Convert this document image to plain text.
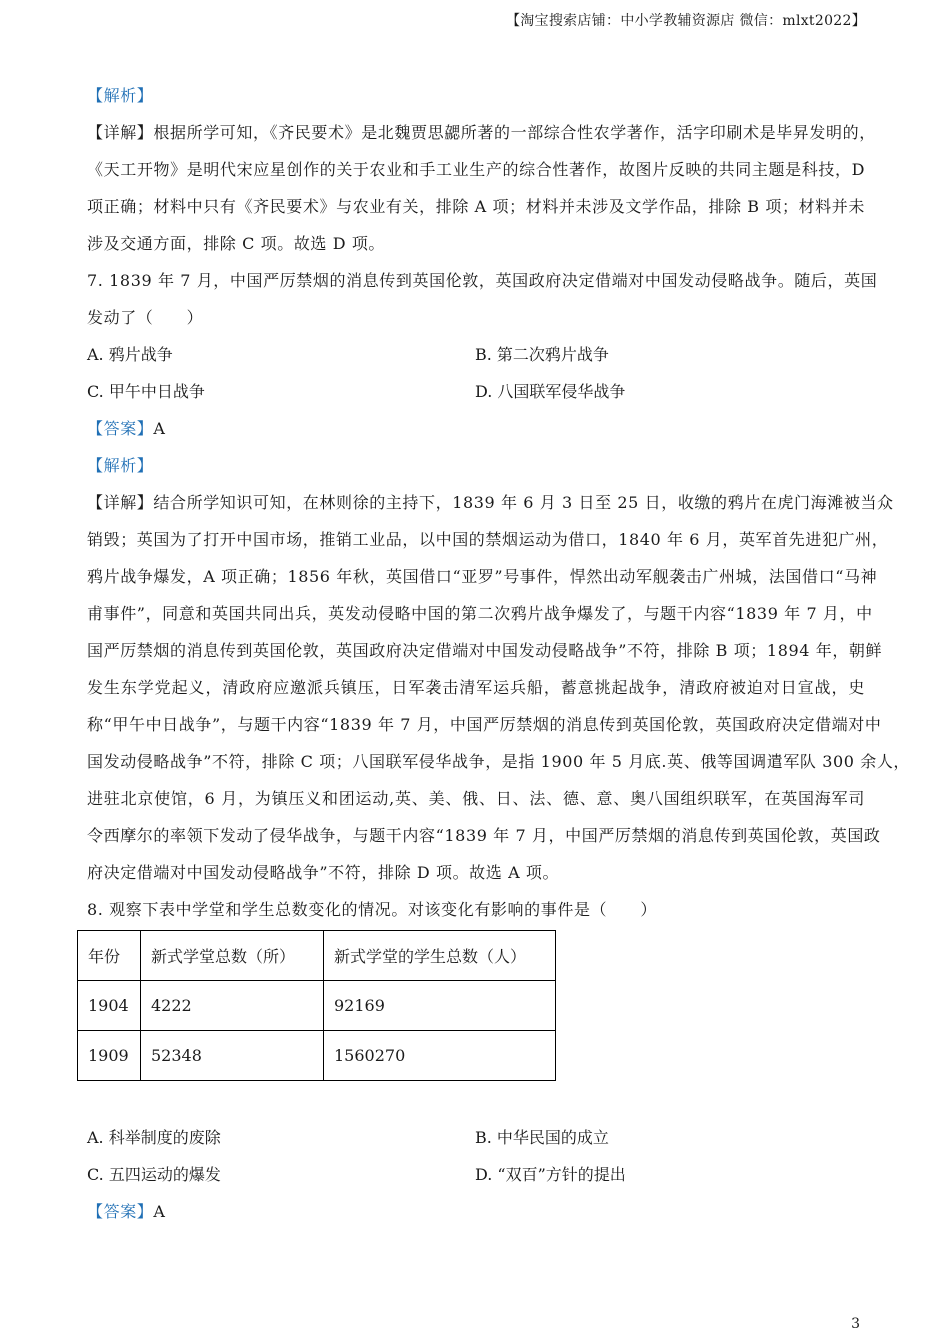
【淘宝搜索店铺：中小学教辅资源店 微信：mlxt2022】
【解析】
【详解】根据所学可知，《齐民要术》是北魏贾思勰所著的一部综合性农学著作，活字印刷术是毕昇发明的，
《天工开物》是明代宋应星创作的关于农业和手工业生产的综合性著作，故图片反映的共同主题是科技，D
项正确；材料中只有《齐民要术》与农业有关，排除 A 项；材料并未涉及文学作品，排除 B 项；材料并未
涉及交通方面，排除 C 项。故选 D 项。
7. 1839 年 7 月，中国严厉禁烟的消息传到英国伦敦，英国政府决定借端对中国发动侵略战争。随后，英国
发动了（　　）
A. 鸦片战争	B. 第二次鸦片战争
C. 甲午中日战争	D. 八国联军侵华战争
【答案】A
【解析】
【详解】结合所学知识可知，在林则徐的主持下，1839 年 6 月 3 日至 25 日，收缴的鸦片在虎门海滩被当众
销毁；英国为了打开中国市场，推销工业品，以中国的禁烟运动为借口，1840 年 6 月，英军首先进犯广州，
鸦片战争爆发，A 项正确；1856 年秋，英国借口“亚罗”号事件，悍然出动军舰袭击广州城，法国借口“马神
甫事件”，同意和英国共同出兵，英发动侵略中国的第二次鸦片战争爆发了，与题干内容“1839 年 7 月，中
国严厉禁烟的消息传到英国伦敦，英国政府决定借端对中国发动侵略战争”不符，排除 B 项；1894 年，朝鲜
发生东学党起义，清政府应邀派兵镇压，日军袭击清军运兵船，蓄意挑起战争，清政府被迫对日宣战，史
称“甲午中日战争”，与题干内容“1839 年 7 月，中国严厉禁烟的消息传到英国伦敦，英国政府决定借端对中
国发动侵略战争”不符，排除 C 项；八国联军侵华战争，是指 1900 年 5 月底.英、俄等国调遣军队 300 余人，
进驻北京使馆，6 月，为镇压义和团运动,英、美、俄、日、法、德、意、奥八国组织联军，在英国海军司
令西摩尔的率领下发动了侵华战争，与题干内容“1839 年 7 月，中国严厉禁烟的消息传到英国伦敦，英国政
府决定借端对中国发动侵略战争”不符，排除 D 项。故选 A 项。
8. 观察下表中学堂和学生总数变化的情况。对该变化有影响的事件是（　　）
年份	新式学堂总数（所）	新式学堂的学生总数（人）
1904	4222	92169
1909	52348	1560270
A. 科举制度的废除	B. 中华民国的成立
C. 五四运动的爆发	D. “双百”方针的提出
【答案】A
3
